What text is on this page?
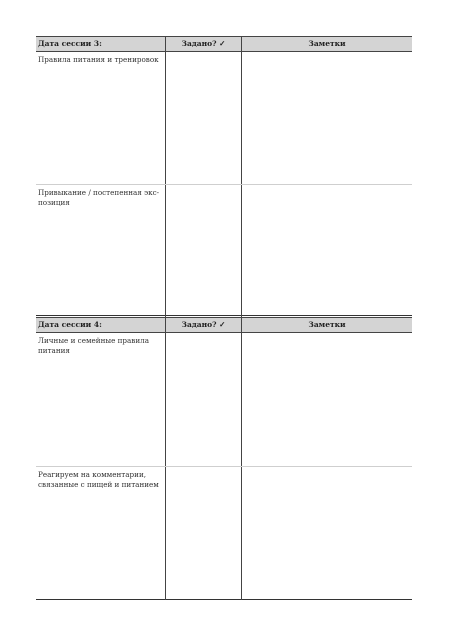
Дата сессии 3:	Задано? ✓	Заметки
Правила питания и тренировок
Привыкание / постепенная экс- позиция
Дата сессии 4:	Задано? ✓	Заметки
Личные и семейные правила питания
Реагируем на комментарии, связанные с пищей и питанием
